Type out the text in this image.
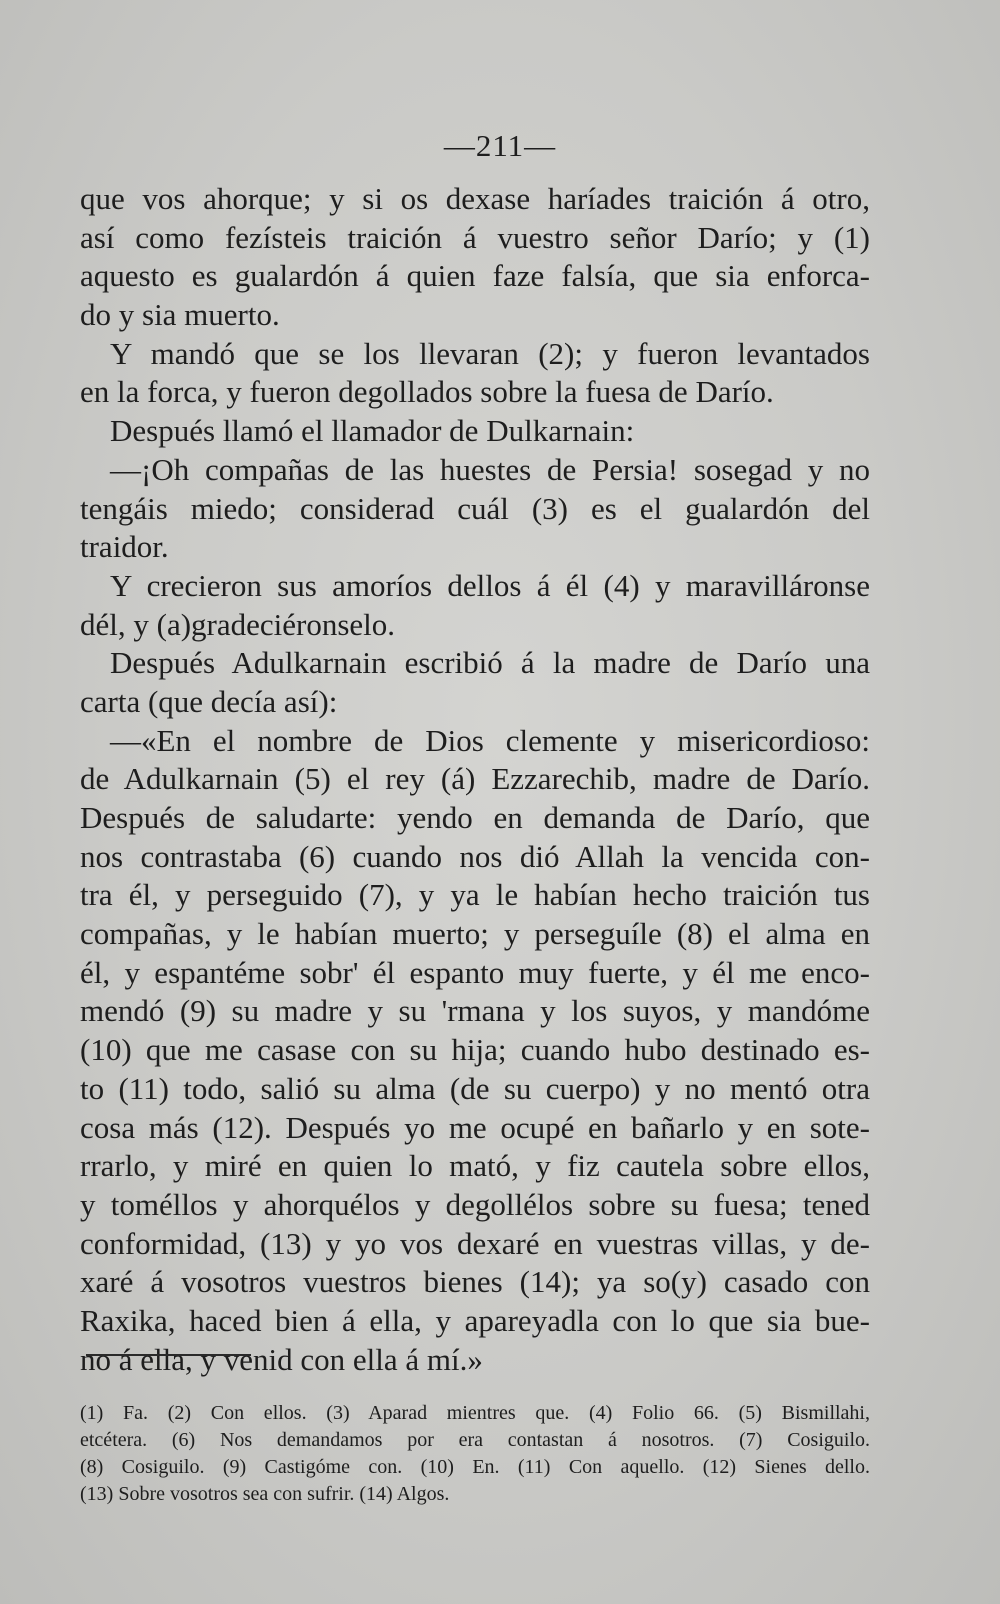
—211—
que vos ahorque; y si os dexase haríades traición á otro,
así como fezísteis traición á vuestro señor Darío; y (1)
aquesto es gualardón á quien faze falsía, que sia enforca-
do y sia muerto.
Y mandó que se los llevaran (2); y fueron levantados
en la forca, y fueron degollados sobre la fuesa de Darío.
Después llamó el llamador de Dulkarnain:
—¡Oh compañas de las huestes de Persia! sosegad y no
tengáis miedo; considerad cuál (3) es el gualardón del
traidor.
Y crecieron sus amoríos dellos á él (4) y maravilláronse
dél, y (a)gradeciéronselo.
Después Adulkarnain escribió á la madre de Darío una
carta (que decía así):
—«En el nombre de Dios clemente y misericordioso:
de Adulkarnain (5) el rey (á) Ezzarechib, madre de Darío.
Después de saludarte: yendo en demanda de Darío, que
nos contrastaba (6) cuando nos dió Allah la vencida con-
tra él, y perseguido (7), y ya le habían hecho traición tus
compañas, y le habían muerto; y perseguíle (8) el alma en
él, y espantéme sobr' él espanto muy fuerte, y él me enco-
mendó (9) su madre y su 'rmana y los suyos, y mandóme
(10) que me casase con su hija; cuando hubo destinado es-
to (11) todo, salió su alma (de su cuerpo) y no mentó otra
cosa más (12). Después yo me ocupé en bañarlo y en sote-
rrarlo, y miré en quien lo mató, y fiz cautela sobre ellos,
y toméllos y ahorquélos y degollélos sobre su fuesa; tened
conformidad, (13) y yo vos dexaré en vuestras villas, y de-
xaré á vosotros vuestros bienes (14); ya so(y) casado con
Raxika, haced bien á ella, y apareyadla con lo que sia bue-
no á ella, y venid con ella á mí.»
(1) Fa. (2) Con ellos. (3) Aparad mientres que. (4) Folio 66. (5) Bismillahi,
etcétera. (6) Nos demandamos por era contastan á nosotros. (7) Cosiguilo.
(8) Cosiguilo. (9) Castigóme con. (10) En. (11) Con aquello. (12) Sienes dello.
(13) Sobre vosotros sea con sufrir. (14) Algos.
